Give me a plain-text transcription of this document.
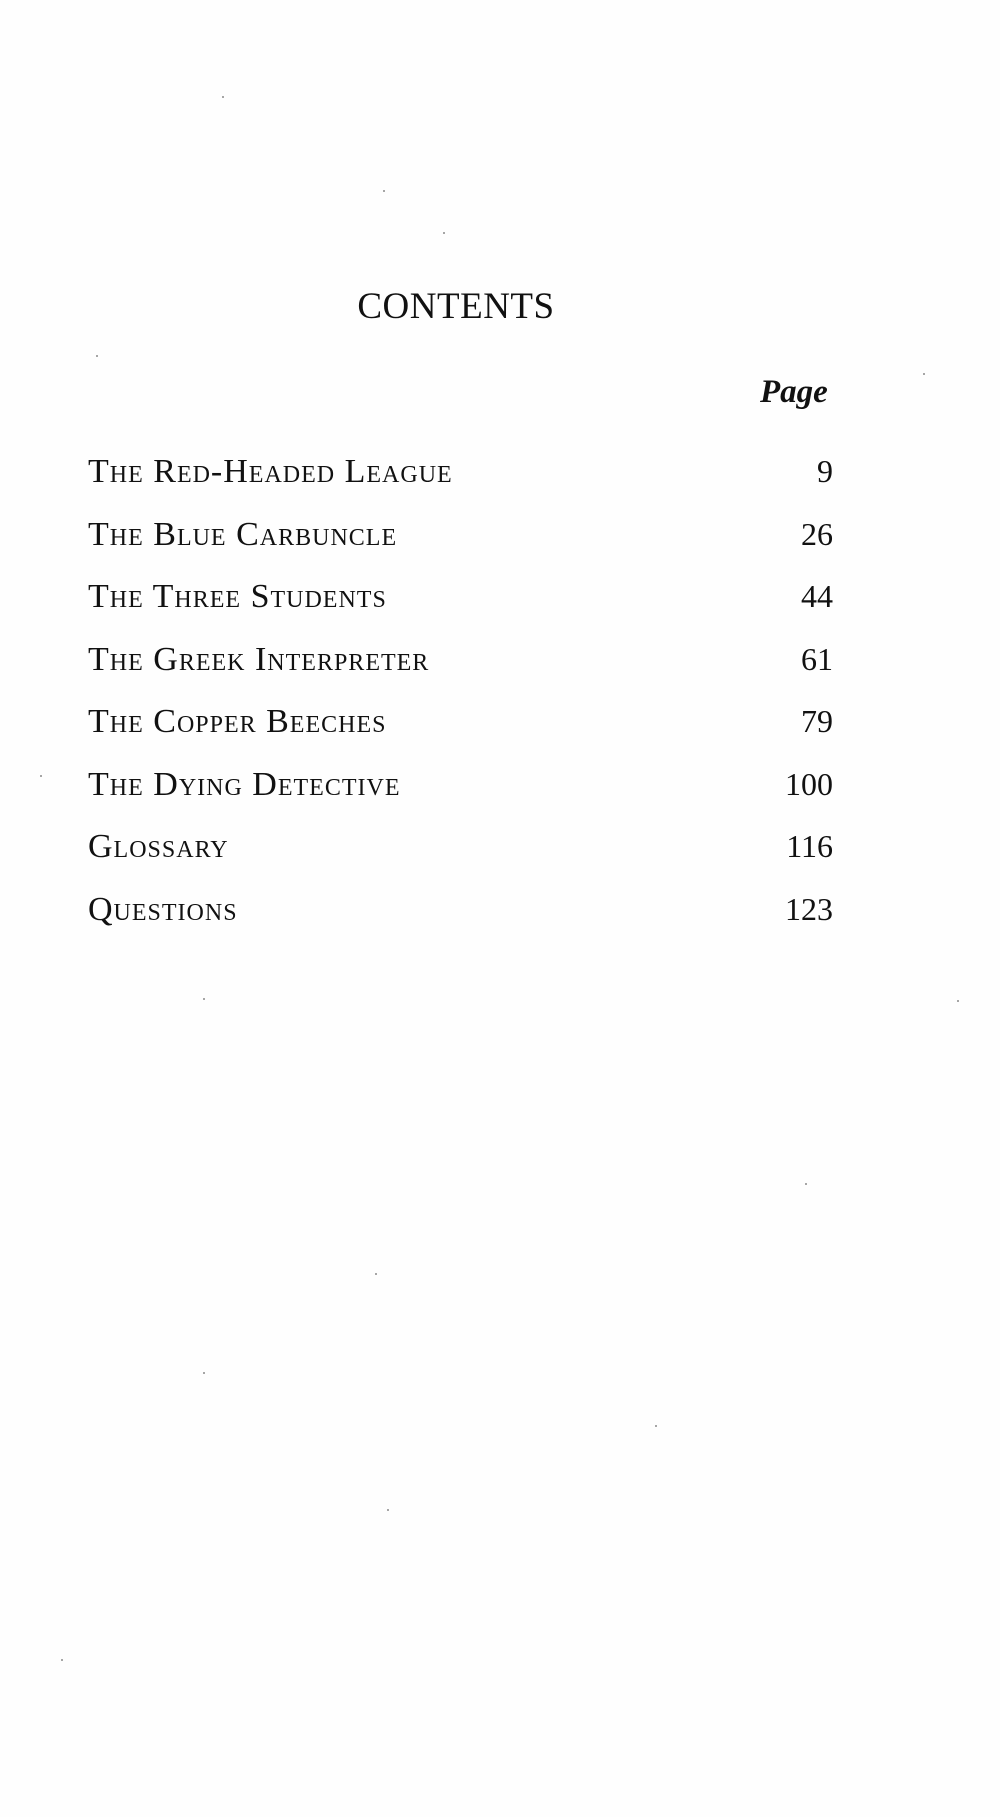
CONTENTS
Page
The Red-Headed League	9
The Blue Carbuncle	26
The Three Students	44
The Greek Interpreter	61
The Copper Beeches	79
The Dying Detective	100
Glossary	116
Questions	123
